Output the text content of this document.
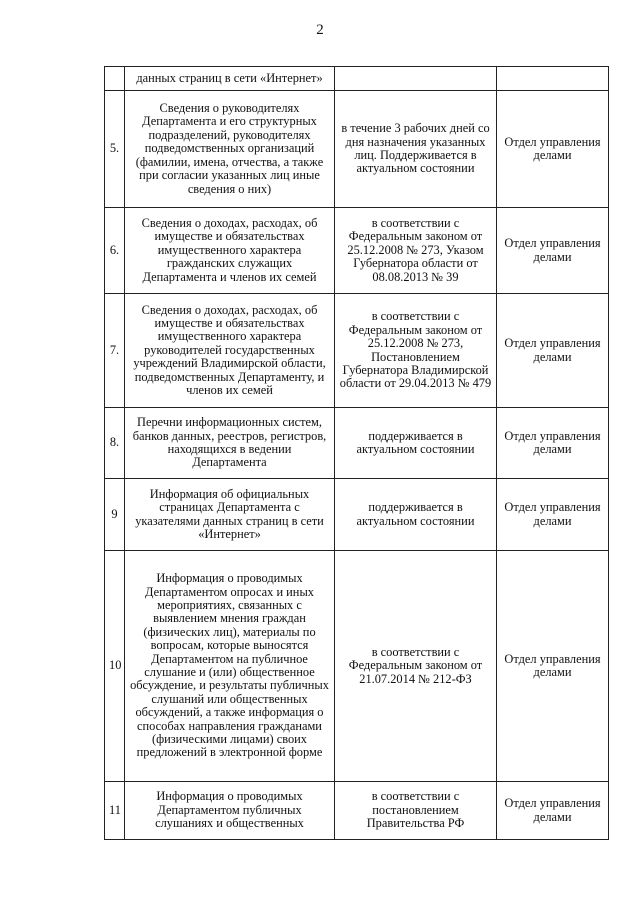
2
	данных страниц в сети «Интернет»		
5.	Сведения о руководителях Департамента и его структурных подразделений, руководителях подведомственных организаций (фамилии, имена, отчества, а также при согласии указанных лиц иные сведения о них)	в течение 3 рабочих дней со дня назначения указанных лиц. Поддерживается в актуальном состоянии	Отдел управления делами
6.	Сведения о доходах, расходах, об имуществе и обязательствах имущественного характера гражданских служащих Департамента и членов их семей	в соответствии с Федеральным законом от 25.12.2008 № 273, Указом Губернатора области от 08.08.2013 № 39	Отдел управления делами
7.	Сведения о доходах, расходах, об имуществе и обязательствах имущественного характера руководителей государственных учреждений Владимирской области, подведомственных Департаменту, и членов их семей	в соответствии с Федеральным законом от 25.12.2008 № 273, Постановлением Губернатора Владимирской области от 29.04.2013 № 479	Отдел управления делами
8.	Перечни информационных систем, банков данных, реестров, регистров, находящихся в ведении Департамента	поддерживается в актуальном состоянии	Отдел управления делами
9	Информация об официальных страницах Департамента с указателями данных страниц в сети «Интернет»	поддерживается в актуальном состоянии	Отдел управления делами
10	Информация о проводимых Департаментом опросах и иных мероприятиях, связанных с выявлением мнения граждан (физических лиц), материалы по вопросам, которые выносятся Департаментом на публичное слушание и (или) общественное обсуждение, и результаты публичных слушаний или общественных обсуждений, а также информация о способах направления гражданами (физическими лицами) своих предложений в электронной форме	в соответствии с Федеральным законом от 21.07.2014 № 212-ФЗ	Отдел управления делами
11	Информация о проводимых Департаментом публичных слушаниях и общественных	в соответствии с постановлением Правительства РФ	Отдел управления делами
